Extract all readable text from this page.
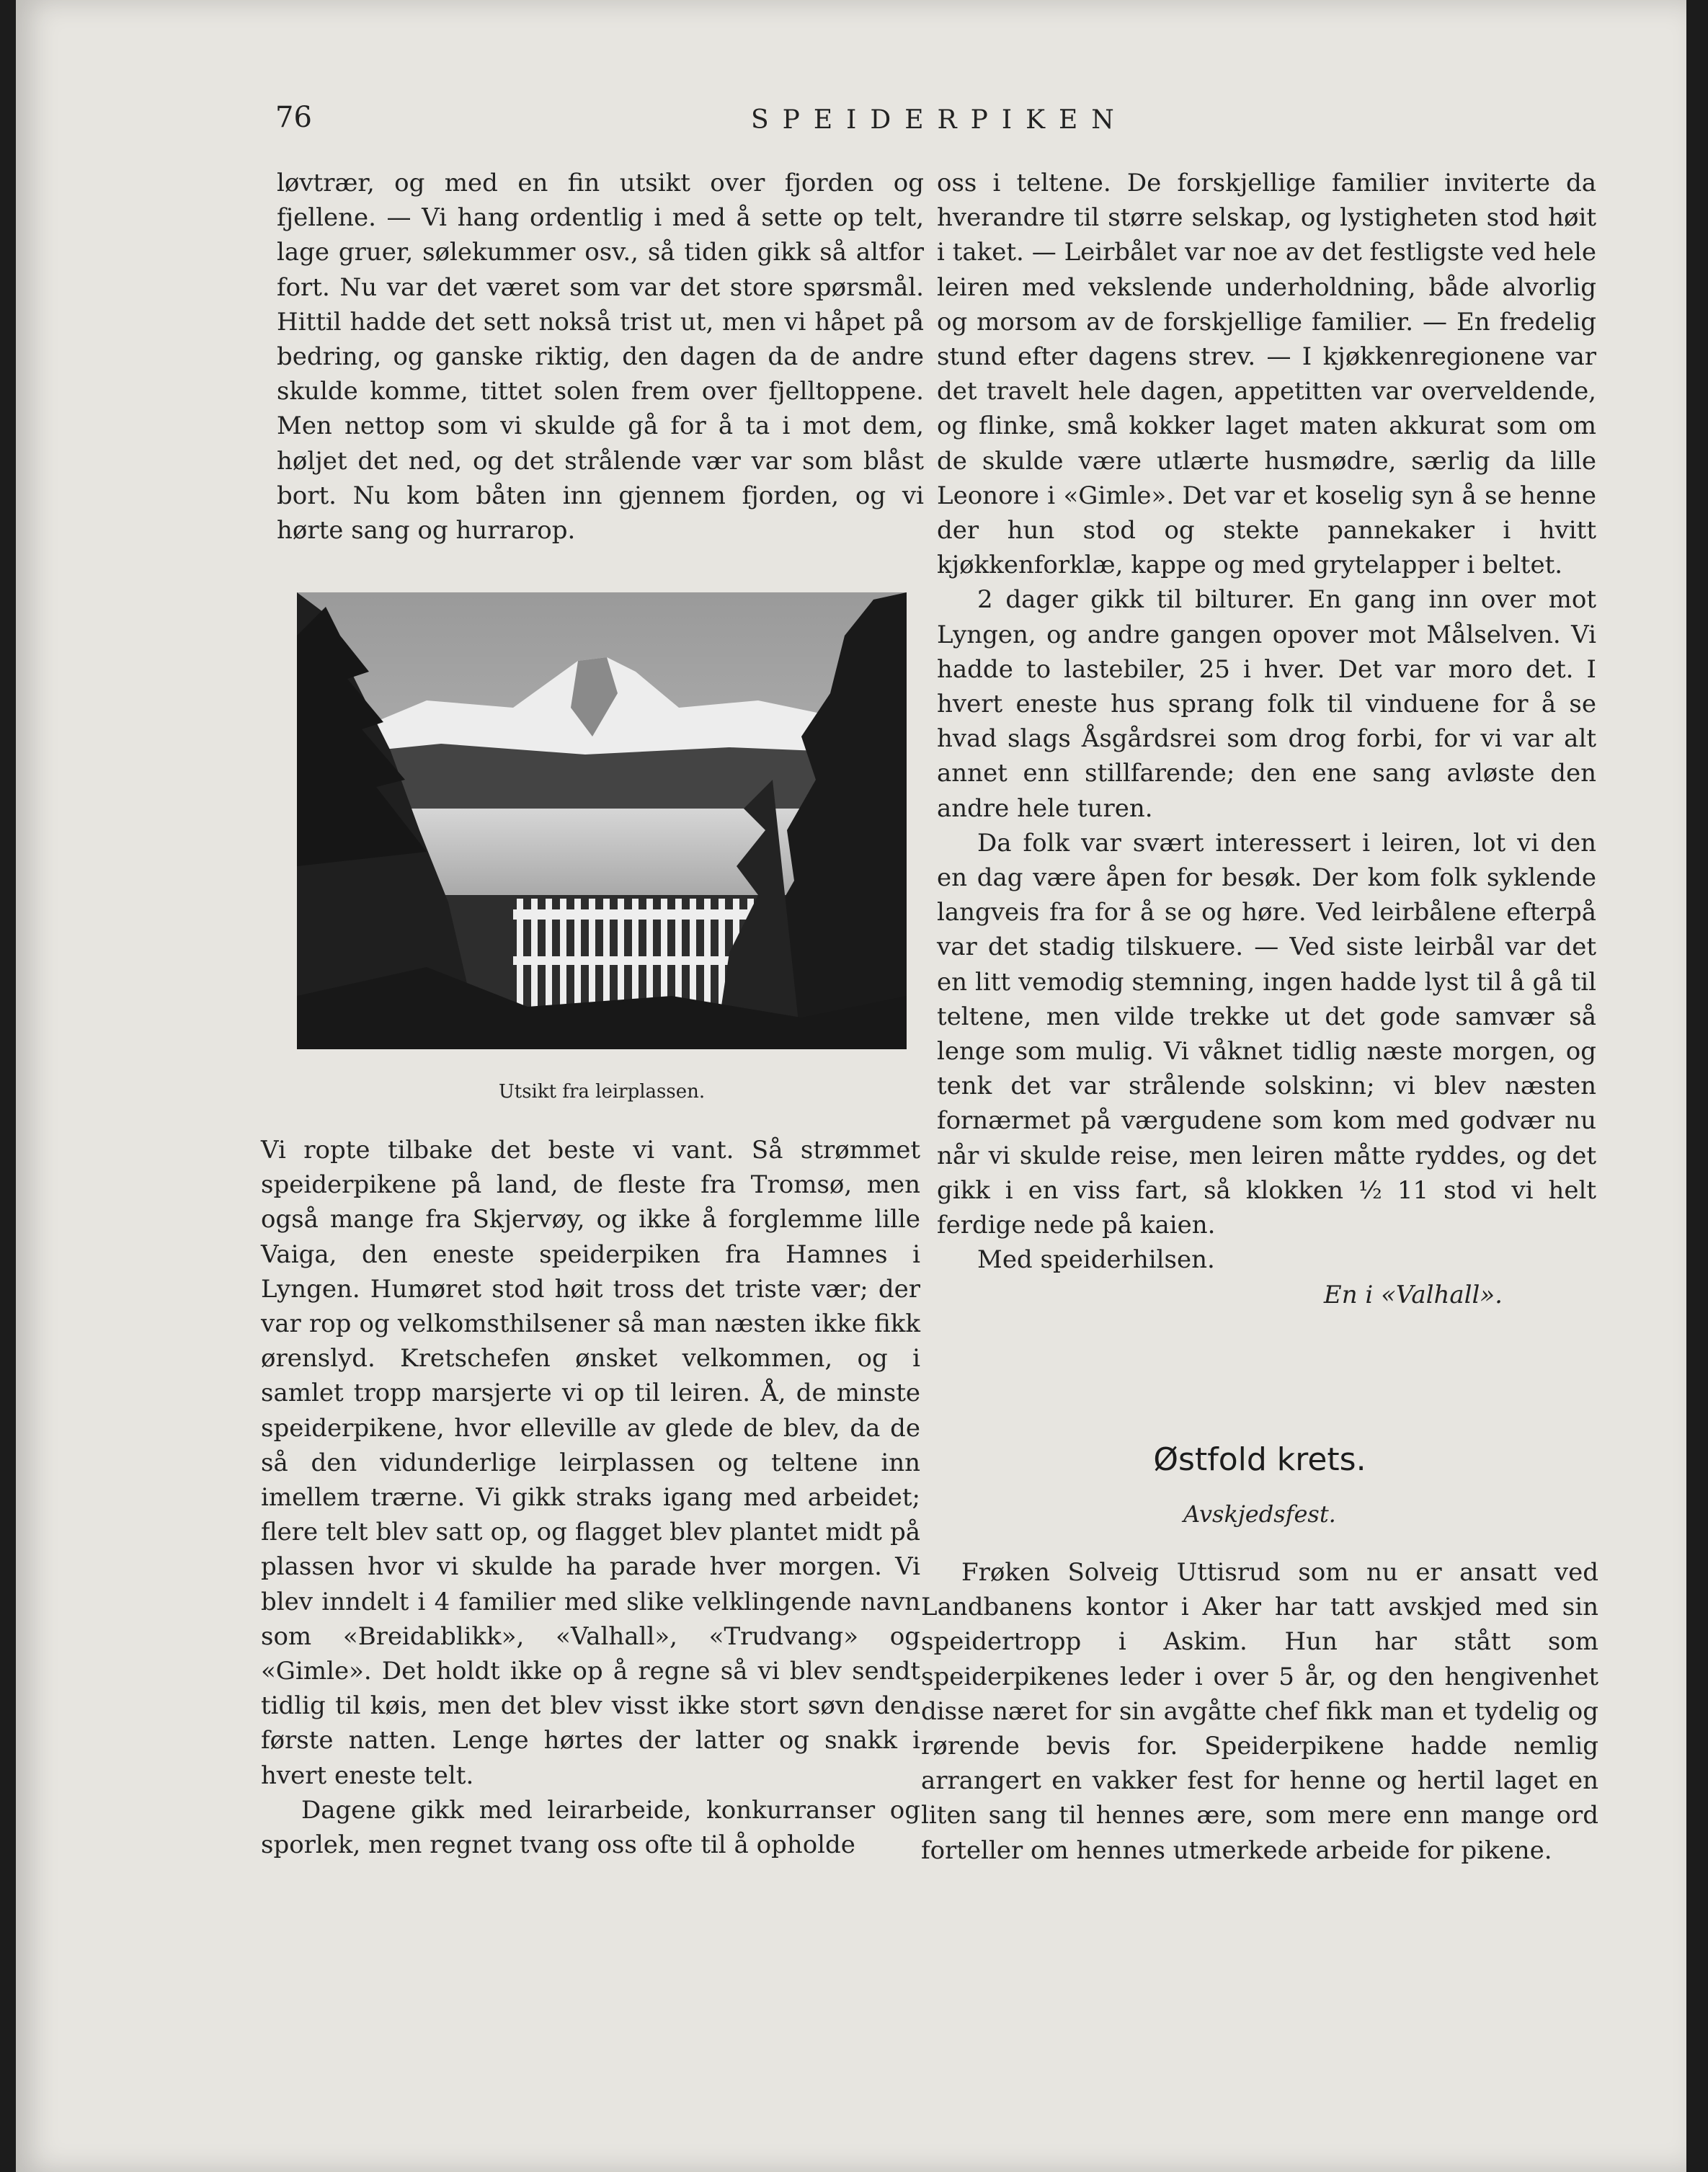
76	SPEIDERPIKEN

løvtrær, og med en fin utsikt over fjorden og fjellene. — Vi hang ordentlig i med å sette op telt, lage gruer, sølekummer osv., så tiden gikk så altfor fort. Nu var det været som var det store spørsmål. Hittil hadde det sett nokså trist ut, men vi håpet på bedring, og ganske riktig, den dagen da de andre skulde komme, tittet solen frem over fjelltoppene. Men nettop som vi skulde gå for å ta i mot dem, høljet det ned, og det strålende vær var som blåst bort. Nu kom båten inn gjennem fjorden, og vi hørte sang og hurrarop.

Utsikt fra leirplassen.

Vi ropte tilbake det beste vi vant. Så strømmet speiderpikene på land, de fleste fra Tromsø, men også mange fra Skjervøy, og ikke å forglemme lille Vaiga, den eneste speiderpiken fra Hamnes i Lyngen. Humøret stod høit tross det triste vær; der var rop og velkomsthilsener så man næsten ikke fikk ørenslyd. Kretschefen ønsket velkommen, og i samlet tropp marsjerte vi op til leiren. Å, de minste speiderpikene, hvor elleville av glede de blev, da de så den vidunderlige leirplassen og teltene inn imellem trærne. Vi gikk straks igang med arbeidet; flere telt blev satt op, og flagget blev plantet midt på plassen hvor vi skulde ha parade hver morgen. Vi blev inndelt i 4 familier med slike velklingende navn som «Breidablikk», «Valhall», «Trudvang» og «Gimle». Det holdt ikke op å regne så vi blev sendt tidlig til køis, men det blev visst ikke stort søvn den første natten. Lenge hørtes der latter og snakk i hvert eneste telt.

Dagene gikk med leirarbeide, konkurranser og sporlek, men regnet tvang oss ofte til å opholde

oss i teltene. De forskjellige familier inviterte da hverandre til større selskap, og lystigheten stod høit i taket. — Leirbålet var noe av det festligste ved hele leiren med vekslende underholdning, både alvorlig og morsom av de forskjellige familier. — En fredelig stund efter dagens strev. — I kjøkkenregionene var det travelt hele dagen, appetitten var overveldende, og flinke, små kokker laget maten akkurat som om de skulde være utlærte husmødre, særlig da lille Leonore i «Gimle». Det var et koselig syn å se henne der hun stod og stekte pannekaker i hvitt kjøkkenforklæ, kappe og med grytelapper i beltet.

2 dager gikk til bilturer. En gang inn over mot Lyngen, og andre gangen opover mot Målselven. Vi hadde to lastebiler, 25 i hver. Det var moro det. I hvert eneste hus sprang folk til vinduene for å se hvad slags Åsgårdsrei som drog forbi, for vi var alt annet enn stillfarende; den ene sang avløste den andre hele turen.

Da folk var svært interessert i leiren, lot vi den en dag være åpen for besøk. Der kom folk syklende langveis fra for å se og høre. Ved leirbålene efterpå var det stadig tilskuere. — Ved siste leirbål var det en litt vemodig stemning, ingen hadde lyst til å gå til teltene, men vilde trekke ut det gode samvær så lenge som mulig. Vi våknet tidlig næste morgen, og tenk det var strålende solskinn; vi blev næsten fornærmet på værgudene som kom med godvær nu når vi skulde reise, men leiren måtte ryddes, og det gikk i en viss fart, så klokken ½ 11 stod vi helt ferdige nede på kaien.

Med speiderhilsen.

En i «Valhall».

Østfold krets.
Avskjedsfest.

Frøken Solveig Uttisrud som nu er ansatt ved Landbanens kontor i Aker har tatt avskjed med sin speidertropp i Askim. Hun har stått som speiderpikenes leder i over 5 år, og den hengivenhet disse næret for sin avgåtte chef fikk man et tydelig og rørende bevis for. Speiderpikene hadde nemlig arrangert en vakker fest for henne og hertil laget en liten sang til hennes ære, som mere enn mange ord forteller om hennes utmerkede arbeide for pikene.
